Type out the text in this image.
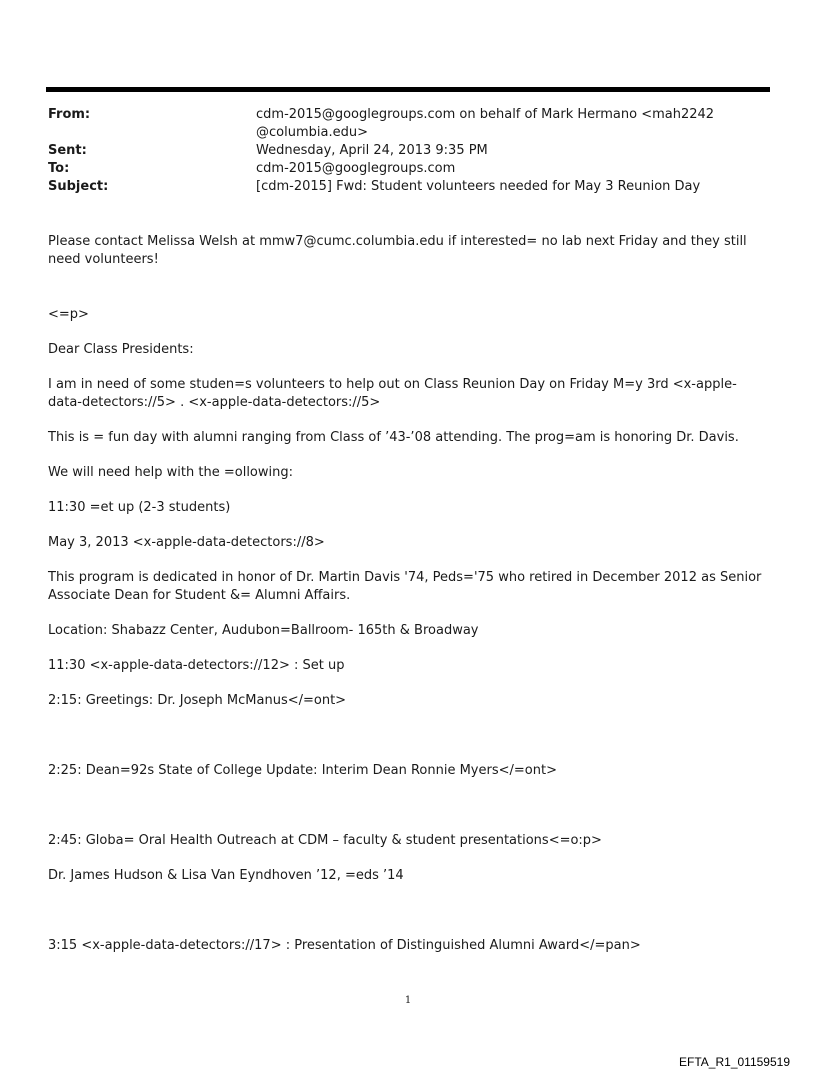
From:	cdm-2015@googlegroups.com on behalf of Mark Hermano <mah2242
@columbia.edu>
Sent:	Wednesday, April 24, 2013 9:35 PM
To:	cdm-2015@googlegroups.com
Subject:	[cdm-2015] Fwd: Student volunteers needed for May 3 Reunion Day

Please contact Melissa Welsh at mmw7@cumc.columbia.edu if interested= no lab next Friday and they still need volunteers!

<=p>

Dear Class Presidents:

I am in need of some studen=s volunteers to help out on Class Reunion Day on Friday M=y 3rd <x-apple-data-detectors://5> . <x-apple-data-detectors://5>

This is = fun day with alumni ranging from Class of ’43-’08 attending. The prog=am is honoring Dr. Davis.

We will need help with the =ollowing:

11:30 =et up (2-3 students)

May 3, 2013 <x-apple-data-detectors://8>

This program is dedicated in honor of Dr. Martin Davis '74, Peds='75 who retired in December 2012 as Senior Associate Dean for Student &= Alumni Affairs.

Location: Shabazz Center, Audubon=Ballroom- 165th & Broadway

11:30 <x-apple-data-detectors://12> : Set up

2:15: Greetings: Dr. Joseph McManus</=ont>

2:25: Dean=92s State of College Update: Interim Dean Ronnie Myers</=ont>

2:45: Globa= Oral Health Outreach at CDM – faculty & student presentations<=o:p>

Dr. James Hudson & Lisa Van Eyndhoven ’12, =eds ’14

3:15 <x-apple-data-detectors://17> : Presentation of Distinguished Alumni Award</=pan>

1
EFTA_R1_01159519
